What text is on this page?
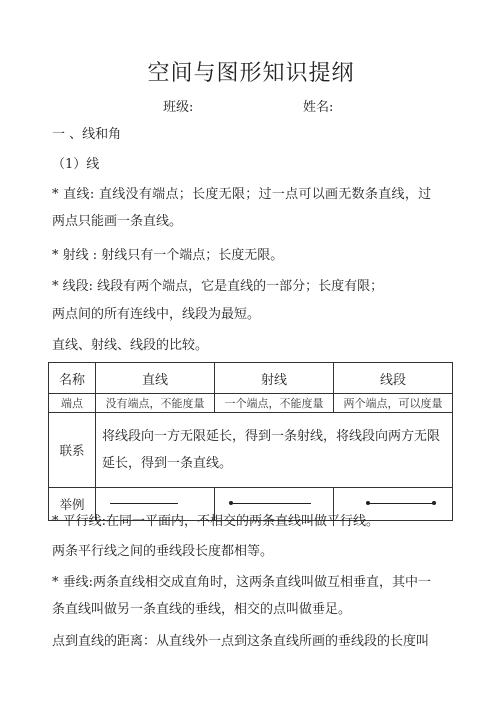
空间与图形知识提纲
班级:	姓名:
一 、线和角
（1）线
* 直线: 直线没有端点；长度无限；过一点可以画无数条直线，过
两点只能画一条直线。
* 射线 : 射线只有一个端点；长度无限。
* 线段: 线段有两个端点，它是直线的一部分；长度有限；
两点间的所有连线中，线段为最短。
直线、射线、线段的比较。
名称	直线	射线	线段
端点	没有端点，不能度量	一个端点，不能度量	两个端点，可以度量
联系	将线段向一方无限延长，得到一条射线，将线段向两方无限延长，得到一条直线。		
举例	

* 平行线:在同一平面内，不相交的两条直线叫做平行线。
两条平行线之间的垂线段长度都相等。
* 垂线:两条直线相交成直角时，这两条直线叫做互相垂直，其中一
条直线叫做另一条直线的垂线，相交的点叫做垂足。
点到直线的距离：从直线外一点到这条直线所画的垂线段的长度叫
